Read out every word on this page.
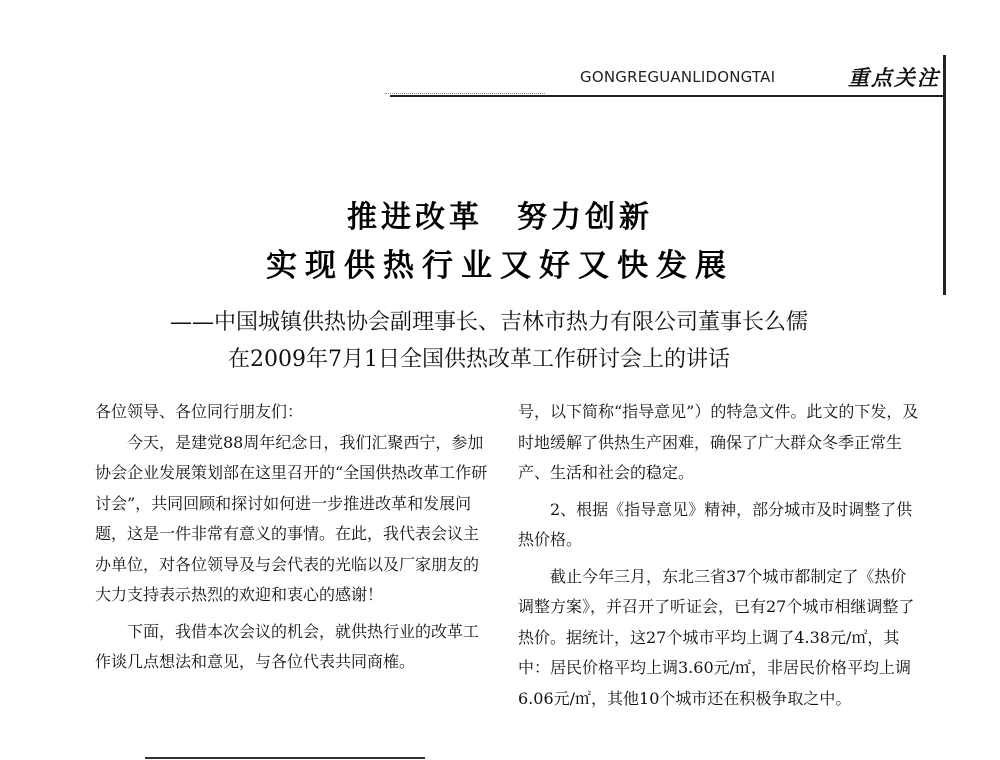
GONGREGUANLIDONGTAI	重点关注
推进改革　努力创新
实现供热行业又好又快发展
——中国城镇供热协会副理事长、吉林市热力有限公司董事长么儒
在2009年7月1日全国供热改革工作研讨会上的讲话

各位领导、各位同行朋友们：

今天，是建党88周年纪念日，我们汇聚西宁，参加协会企业发展策划部在这里召开的“全国供热改革工作研讨会”，共同回顾和探讨如何进一步推进改革和发展问题，这是一件非常有意义的事情。在此，我代表会议主办单位，对各位领导及与会代表的光临以及厂家朋友的大力支持表示热烈的欢迎和衷心的感谢！

下面，我借本次会议的机会，就供热行业的改革工作谈几点想法和意见，与各位代表共同商榷。

号，以下简称“指导意见”）的特急文件。此文的下发，及时地缓解了供热生产困难，确保了广大群众冬季正常生产、生活和社会的稳定。

2、根据《指导意见》精神，部分城市及时调整了供热价格。

截止今年三月，东北三省37个城市都制定了《热价调整方案》，并召开了听证会，已有27个城市相继调整了热价。据统计，这27个城市平均上调了4.38元/㎡，其中：居民价格平均上调3.60元/㎡，非居民价格平均上调6.06元/㎡，其他10个城市还在积极争取之中。
